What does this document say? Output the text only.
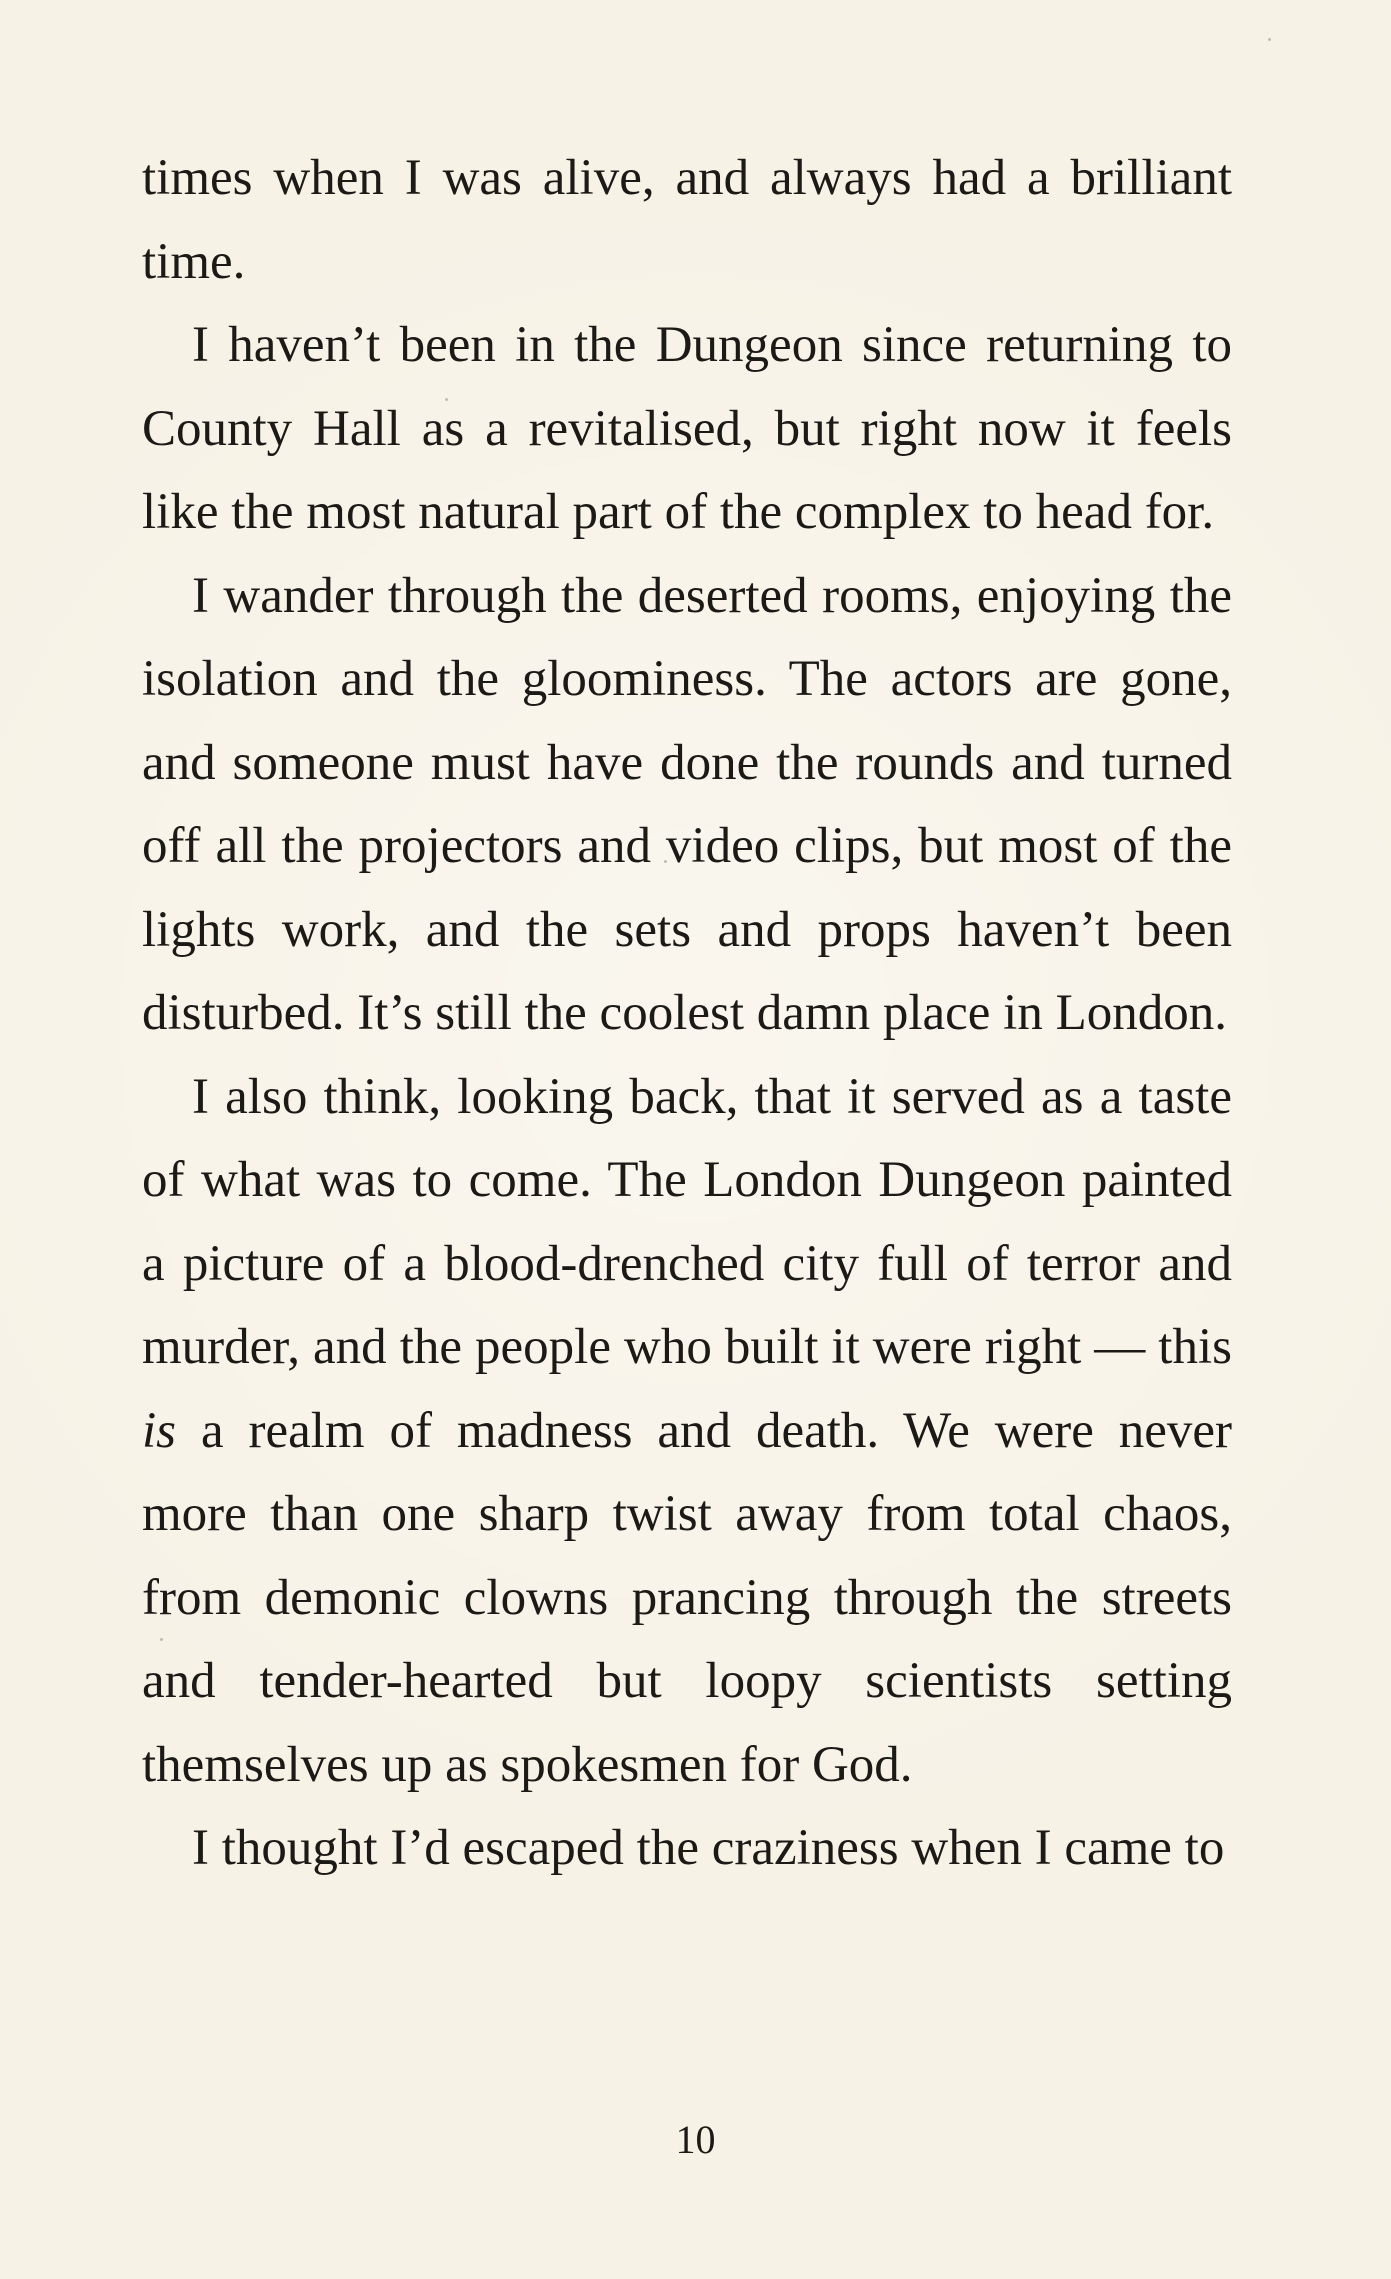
times when I was alive, and always had a brilliant time.

I haven’t been in the Dungeon since returning to County Hall as a revitalised, but right now it feels like the most natural part of the complex to head for.

I wander through the deserted rooms, enjoying the isolation and the gloominess. The actors are gone, and someone must have done the rounds and turned off all the projectors and video clips, but most of the lights work, and the sets and props haven’t been disturbed. It’s still the coolest damn place in London.

I also think, looking back, that it served as a taste of what was to come. The London Dungeon painted a picture of a blood-drenched city full of terror and murder, and the people who built it were right — this is a realm of madness and death. We were never more than one sharp twist away from total chaos, from demonic clowns prancing through the streets and tender-hearted but loopy scientists setting themselves up as spokesmen for God.

I thought I’d escaped the craziness when I came to

10
